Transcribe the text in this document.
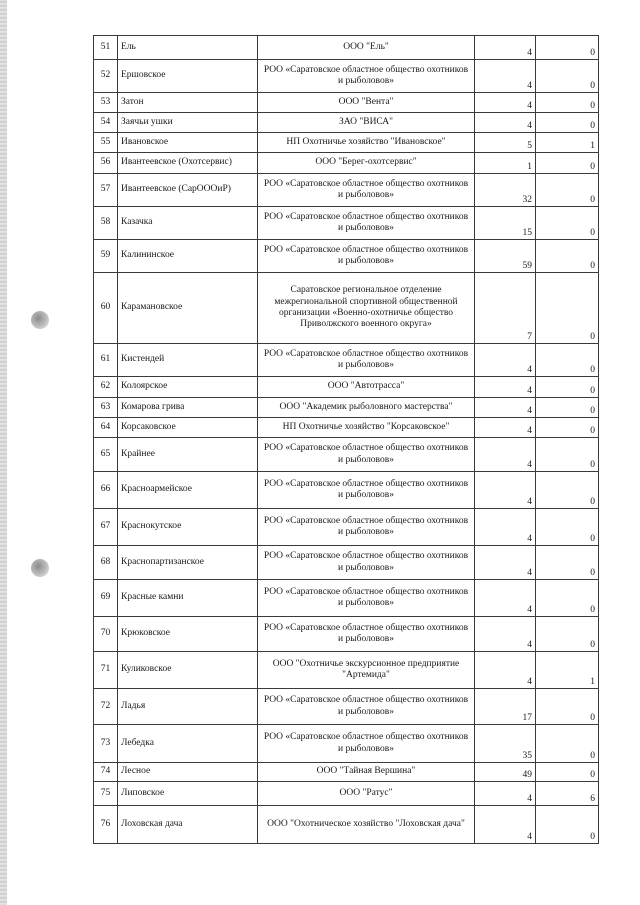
51	Ель	ООО "Ель"	4	0
52	Ершовское	РОО «Саратовское областное общество охотников и рыболовов»	4	0
53	Затон	ООО "Вента"	4	0
54	Заячьи ушки	ЗАО "ВИСА"	4	0
55	Ивановское	НП Охотничье хозяйство "Ивановское"	5	1
56	Ивантеевское (Охотсервис)	ООО "Берег-охотсервис"	1	0
57	Ивантеевское (СарОООиР)	РОО «Саратовское областное общество охотников и рыболовов»	32	0
58	Казачка	РОО «Саратовское областное общество охотников и рыболовов»	15	0
59	Калининское	РОО «Саратовское областное общество охотников и рыболовов»	59	0
60	Карамановское	Саратовское региональное отделение межрегиональной спортивной общественной организации «Военно-охотничье общество Приволжского военного округа»	7	0
61	Кистендей	РОО «Саратовское областное общество охотников и рыболовов»	4	0
62	Колоярское	ООО "Автотрасса"	4	0
63	Комарова грива	ООО "Академик рыболовного мастерства"	4	0
64	Корсаковское	НП Охотничье хозяйство "Корсаковское"	4	0
65	Крайнее	РОО «Саратовское областное общество охотников и рыболовов»	4	0
66	Красноармейское	РОО «Саратовское областное общество охотников и рыболовов»	4	0
67	Краснокутское	РОО «Саратовское областное общество охотников и рыболовов»	4	0
68	Краснопартизанское	РОО «Саратовское областное общество охотников и рыболовов»	4	0
69	Красные камни	РОО «Саратовское областное общество охотников и рыболовов»	4	0
70	Крюковское	РОО «Саратовское областное общество охотников и рыболовов»	4	0
71	Куликовское	ООО "Охотничье экскурсионное предприятие "Артемида"	4	1
72	Ладья	РОО «Саратовское областное общество охотников и рыболовов»	17	0
73	Лебедка	РОО «Саратовское областное общество охотников и рыболовов»	35	0
74	Лесное	ООО "Тайная Вершина"	49	0
75	Липовское	ООО "Ратус"	4	6
76	Лоховская дача	ООО "Охотническое хозяйство "Лоховская дача"	4	0
